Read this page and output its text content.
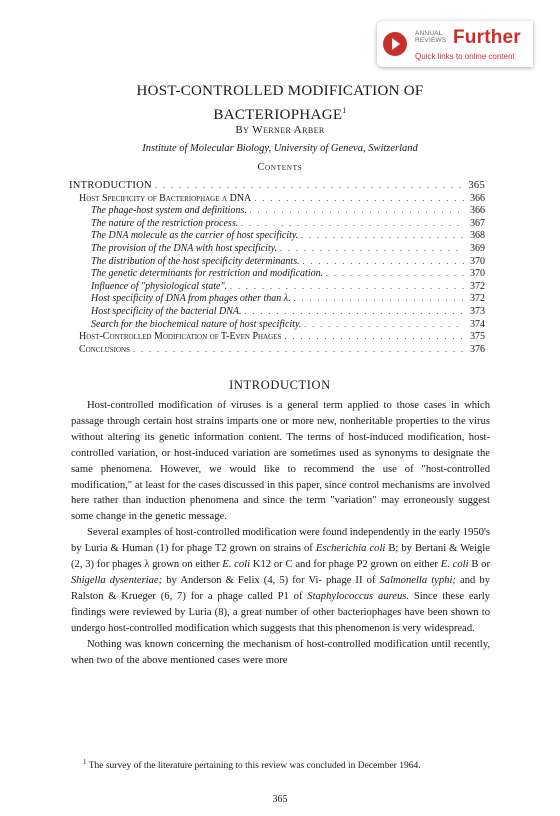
ANNUAL
REVIEWS Further
Quick links to online content
HOST-CONTROLLED MODIFICATION OF
BACTERIOPHAGE$^1$
By Werner Arber
Institute of Molecular Biology, University of Geneva, Switzerland
Contents
INTRODUCTION . . .	365
Host Specificity of Bacteriophage λ DNA . . .	366
The phage-host system and definitions. . . .	366
The nature of the restriction process. . . .	367
The DNA molecule as the carrier of host specificity. . . .	368
The provision of the DNA with host specificity. . . .	369
The distribution of the host specificity determinants. . . .	370
The genetic determinants for restriction and modification. . . .	370
Influence of "physiological state". . . .	372
Host specificity of DNA from phages other than λ. . . .	372
Host specificity of the bacterial DNA. . . .	373
Search for the biochemical nature of host specificity. . . .	374
Host-Controlled Modification of T-Even Phages . . .	375
Conclusions . . .	376
INTRODUCTION

Host-controlled modification of viruses is a general term applied to those cases in which passage through certain host strains imparts one or more new, nonheritable properties to the virus without altering its genetic information content. The terms of host-induced modification, host-controlled variation, or host-induced variation are sometimes used as synonyms to designate the same phenomena. However, we would like to recommend the use of "host-controlled modification," at least for the cases discussed in this paper, since control mechanisms are involved here rather than induction phenomena and since the term "variation" may erroneously suggest some change in the genetic message.

Several examples of host-controlled modification were found independently in the early 1950's by Luria & Human (1) for phage T2 grown on strains of Escherichia coli B; by Bertani & Weigle (2, 3) for phages λ grown on either E. coli K12 or C and for phage P2 grown on either E. coli B or Shigella dysenteriae; by Anderson & Felix (4, 5) for Vi- phage II of Salmonella typhi; and by Ralston & Krueger (6, 7) for a phage called P1 of Staphylococcus aureus. Since these early findings were reviewed by Luria (8), a great number of other bacteriophages have been shown to undergo host-controlled modification which suggests that this phenomenon is very widespread.

Nothing was known concerning the mechanism of host-controlled modification until recently, when two of the above mentioned cases were more

$^1$ The survey of the literature pertaining to this review was concluded in December 1964.

365
